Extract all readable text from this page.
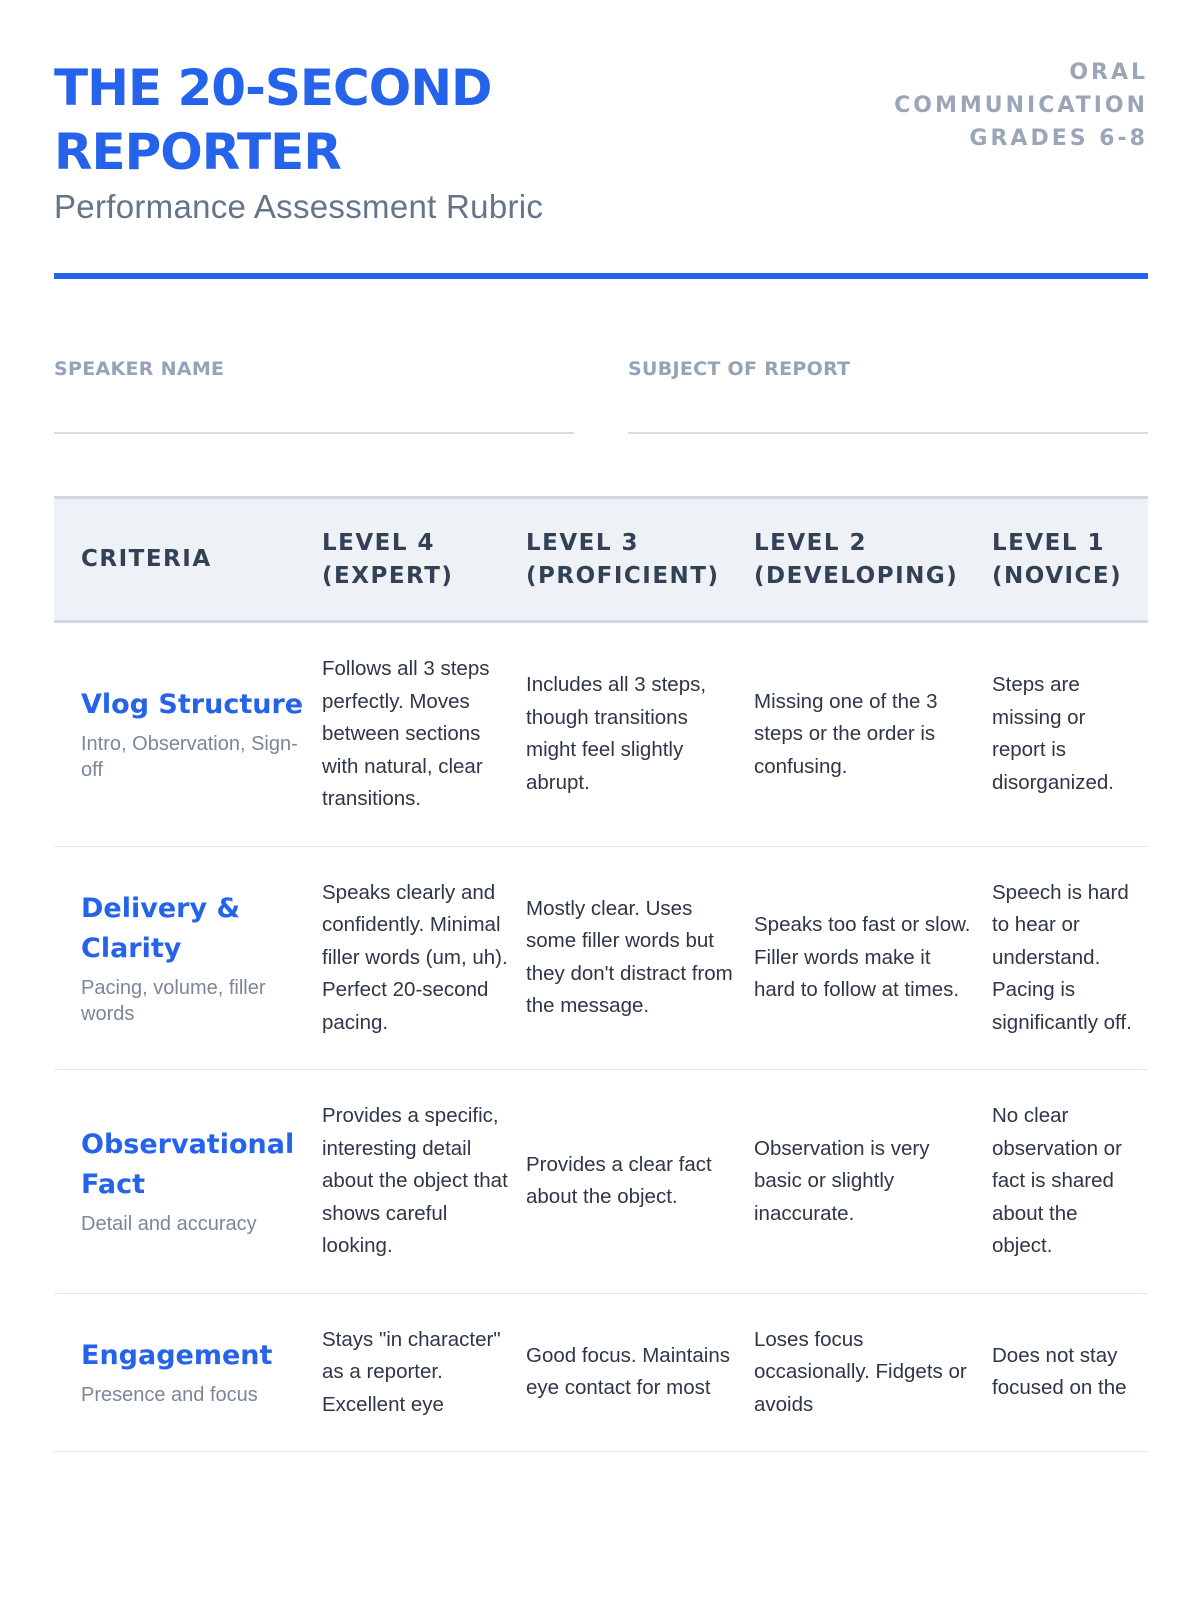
THE 20-SECOND
REPORTER
Performance Assessment Rubric
ORAL
COMMUNICATION
GRADES 6-8
SPEAKER NAME	SUBJECT OF REPORT
CRITERIA	LEVEL 4 (EXPERT)	LEVEL 3 (PROFICIENT)	LEVEL 2 (DEVELOPING)	LEVEL 1 (NOVICE)

Vlog Structure
Intro, Observation, Sign-off	Follows all 3 steps perfectly. Moves between sections with natural, clear transitions.	Includes all 3 steps, though transitions might feel slightly abrupt.	Missing one of the 3 steps or the order is confusing.	Steps are missing or report is disorganized.

Delivery & Clarity
Pacing, volume, filler words	Speaks clearly and confidently. Minimal filler words (um, uh). Perfect 20-second pacing.	Mostly clear. Uses some filler words but they don't distract from the message.	Speaks too fast or slow. Filler words make it hard to follow at times.	Speech is hard to hear or understand. Pacing is significantly off.

Observational Fact
Detail and accuracy	Provides a specific, interesting detail about the object that shows careful looking.	Provides a clear fact about the object.	Observation is very basic or slightly inaccurate.	No clear observation or fact is shared about the object.

Engagement
Presence and focus	Stays "in character" as a reporter. Excellent eye	Good focus. Maintains eye contact for most	Loses focus occasionally. Fidgets or avoids	Does not stay focused on the
